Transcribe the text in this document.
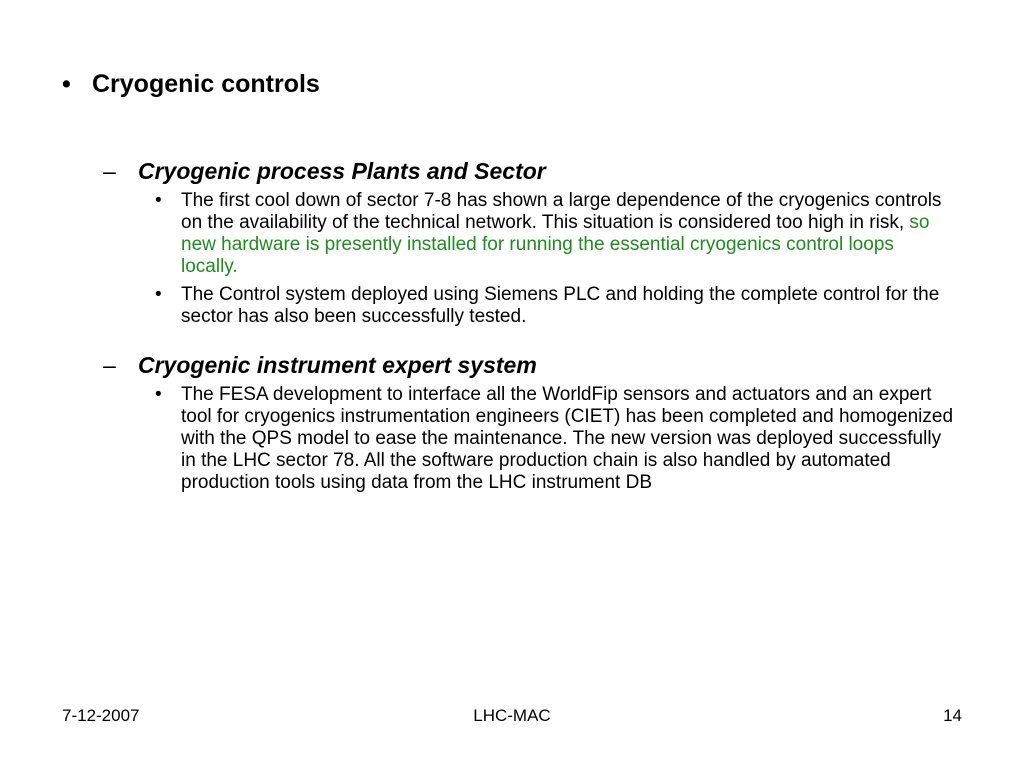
• Cryogenic controls
– Cryogenic process Plants and Sector
• The first cool down of sector 7-8 has shown a large dependence of the cryogenics controls on the availability of the technical network. This situation is considered too high in risk, so new hardware is presently installed for running the essential cryogenics control loops locally.
• The Control system deployed using Siemens PLC and holding the complete control for the sector has also been successfully tested.
– Cryogenic instrument expert system
• The FESA development to interface all the WorldFip sensors and actuators and an expert tool for cryogenics instrumentation engineers (CIET) has been completed and homogenized with the QPS model to ease the maintenance. The new version was deployed successfully in the LHC sector 78. All the software production chain is also handled by automated production tools using data from the LHC instrument DB
7-12-2007	LHC-MAC	14
